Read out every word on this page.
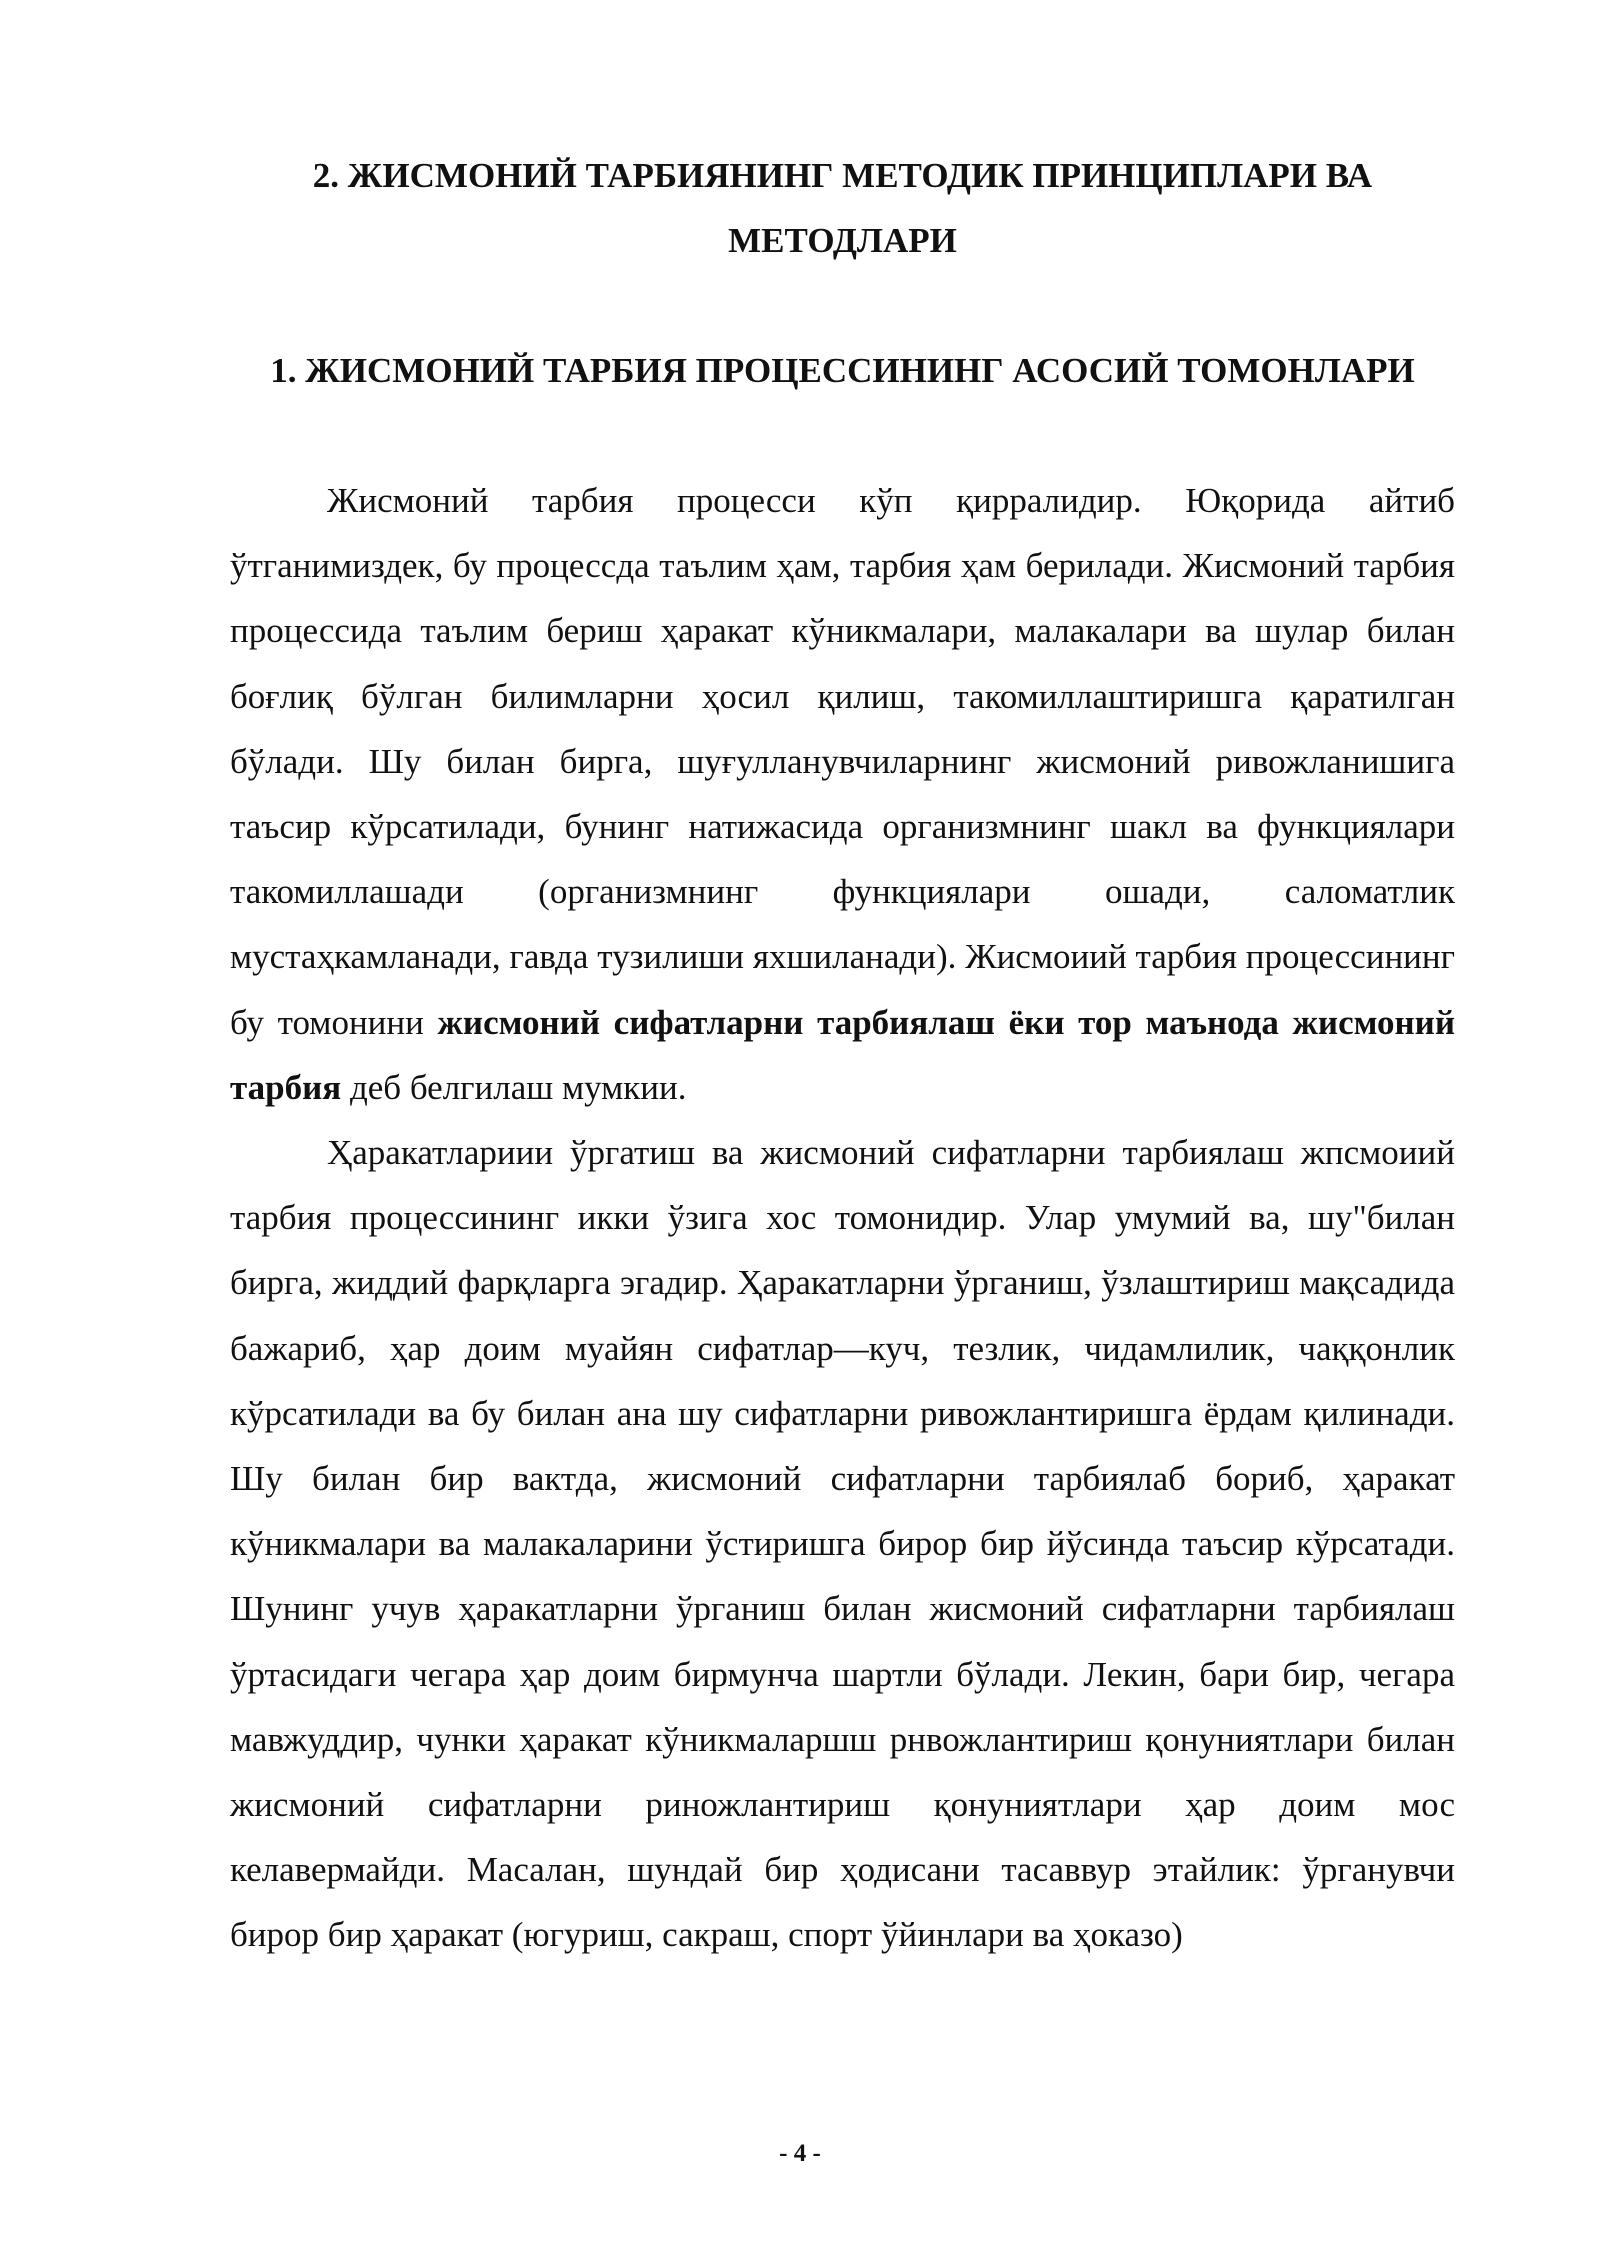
2. ЖИСМОНИЙ ТАРБИЯНИНГ МЕТОДИК ПРИНЦИПЛАРИ ВА МЕТОДЛАРИ
1. ЖИСМОНИЙ ТАРБИЯ ПРОЦЕССИНИНГ АСОСИЙ ТОМОНЛАРИ

Жисмоний тарбия процесси кўп қирралидир. Юқорида айтиб ўтганимиздек, бу процессда таълим ҳам, тарбия ҳам берилади. Жисмоний тарбия процессида таълим бериш ҳаракат кўникмалари, малакалари ва шулар билан боғлиқ бўлган билимларни ҳосил қилиш, такомиллаштиришга қаратилган бўлади. Шу билан бирга, шуғулланувчиларнинг жисмоний ривожланишига таъсир кўрсатилади, бунинг натижасида организмнинг шакл ва функциялари такомиллашади (организмнинг функциялари ошади, саломатлик мустаҳкамланади, гавда тузилиши яхшиланади). Жисмоиий тарбия процессининг бу томонини жисмоний сифатларни тарбиялаш ёки тор маънода жисмоний тарбия деб белгилаш мумкии.

Ҳаракатлариии ўргатиш ва жисмоний сифатларни тарбиялаш жпсмоиий тарбия процессининг икки ўзига хос томонидир. Улар умумий ва, шу"билан бирга, жиддий фарқларга эгадир. Ҳаракатларни ўрганиш, ўзлаштириш мақсадида бажариб, ҳар доим муайян сифатлар—куч, тезлик, чидамлилик, чаққонлик кўрсатилади ва бу билан ана шу сифатларни ривожлантиришга ёрдам қилинади. Шу билан бир вактда, жисмоний сифатларни тарбиялаб бориб, ҳаракат кўникмалари ва малакаларини ўстиришга бирор бир йўсинда таъсир кўрсатади. Шунинг учув ҳаракатларни ўрганиш билан жисмоний сифатларни тарбиялаш ўртасидаги чегара ҳар доим бирмунча шартли бўлади. Лекин, бари бир, чегара мавжуддир, чунки ҳаракат кўникмаларшш рнвожлантириш қонуниятлари билан жисмоний сифатларни риножлантириш қонуниятлари ҳар доим мос келавермайди. Масалан, шундай бир ҳодисани тасаввур этайлик: ўрганувчи бирор бир ҳаракат (югуриш, сакраш, спорт ўйинлари ва ҳоказо)

- 4 -
